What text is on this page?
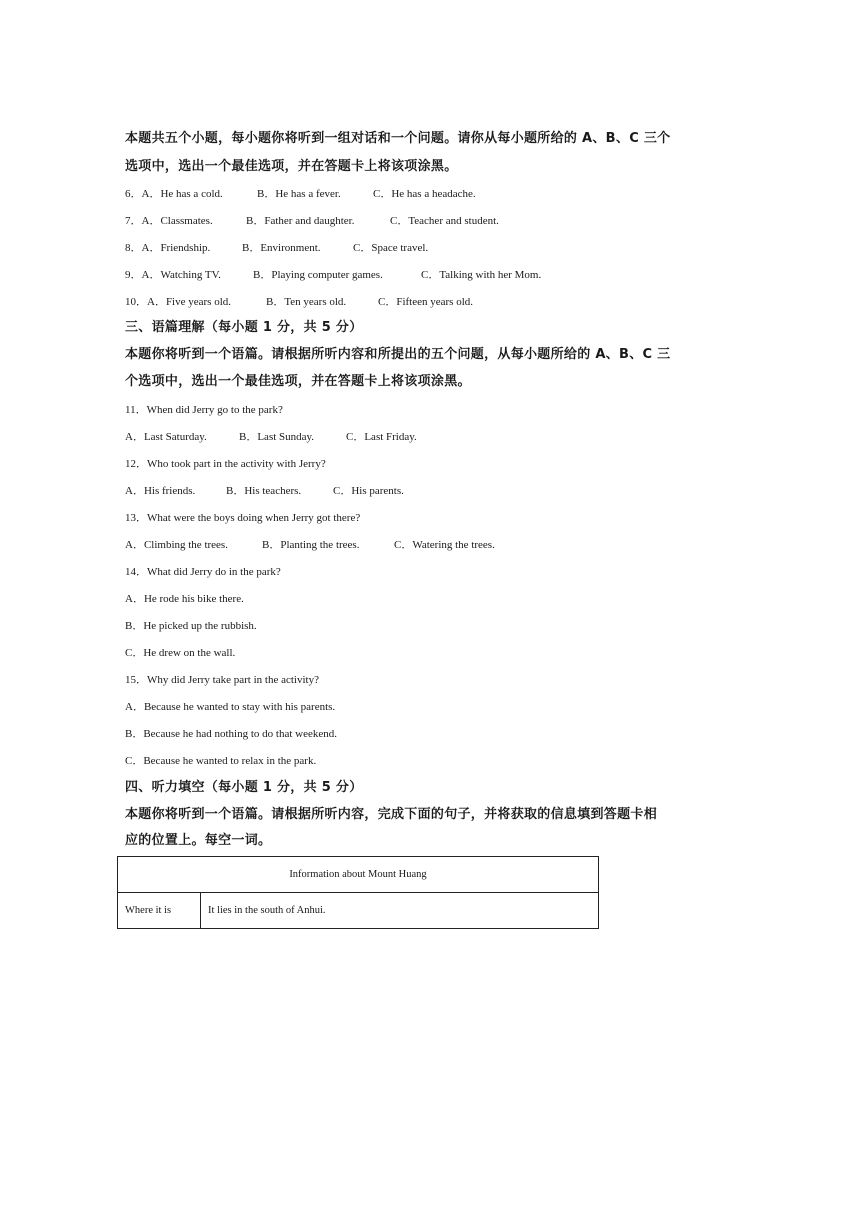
本题共五个小题，每小题你将听到一组对话和一个问题。请你从每小题所给的 A、B、C 三个
选项中，选出一个最佳选项，并在答题卡上将该项涂黑。
6．A．He has a cold.	B．He has a fever.	C．He has a headache.
7．A．Classmates.	B．Father and daughter.	C．Teacher and student.
8．A．Friendship.	B．Environment.	C．Space travel.
9．A．Watching TV.	B．Playing computer games.	C．Talking with her Mom.
10．A．Five years old.	B．Ten years old.	C．Fifteen years old.
三、语篇理解（每小题 1 分，共 5 分）
本题你将听到一个语篇。请根据所听内容和所提出的五个问题，从每小题所给的 A、B、C 三
个选项中，选出一个最佳选项，并在答题卡上将该项涂黑。
11．When did Jerry go to the park?
A．Last Saturday.	B．Last Sunday.	C．Last Friday.
12．Who took part in the activity with Jerry?
A．His friends.	B．His teachers.	C．His parents.
13．What were the boys doing when Jerry got there?
A．Climbing the trees.	B．Planting the trees.	C．Watering the trees.
14．What did Jerry do in the park?
A．He rode his bike there.
B．He picked up the rubbish.
C．He drew on the wall.
15．Why did Jerry take part in the activity?
A．Because he wanted to stay with his parents.
B．Because he had nothing to do that weekend.
C．Because he wanted to relax in the park.
四、听力填空（每小题 1 分，共 5 分）
本题你将听到一个语篇。请根据所听内容，完成下面的句子，并将获取的信息填到答题卡相
应的位置上。每空一词。
Information about Mount Huang
Where it is	It lies in the south of Anhui.
